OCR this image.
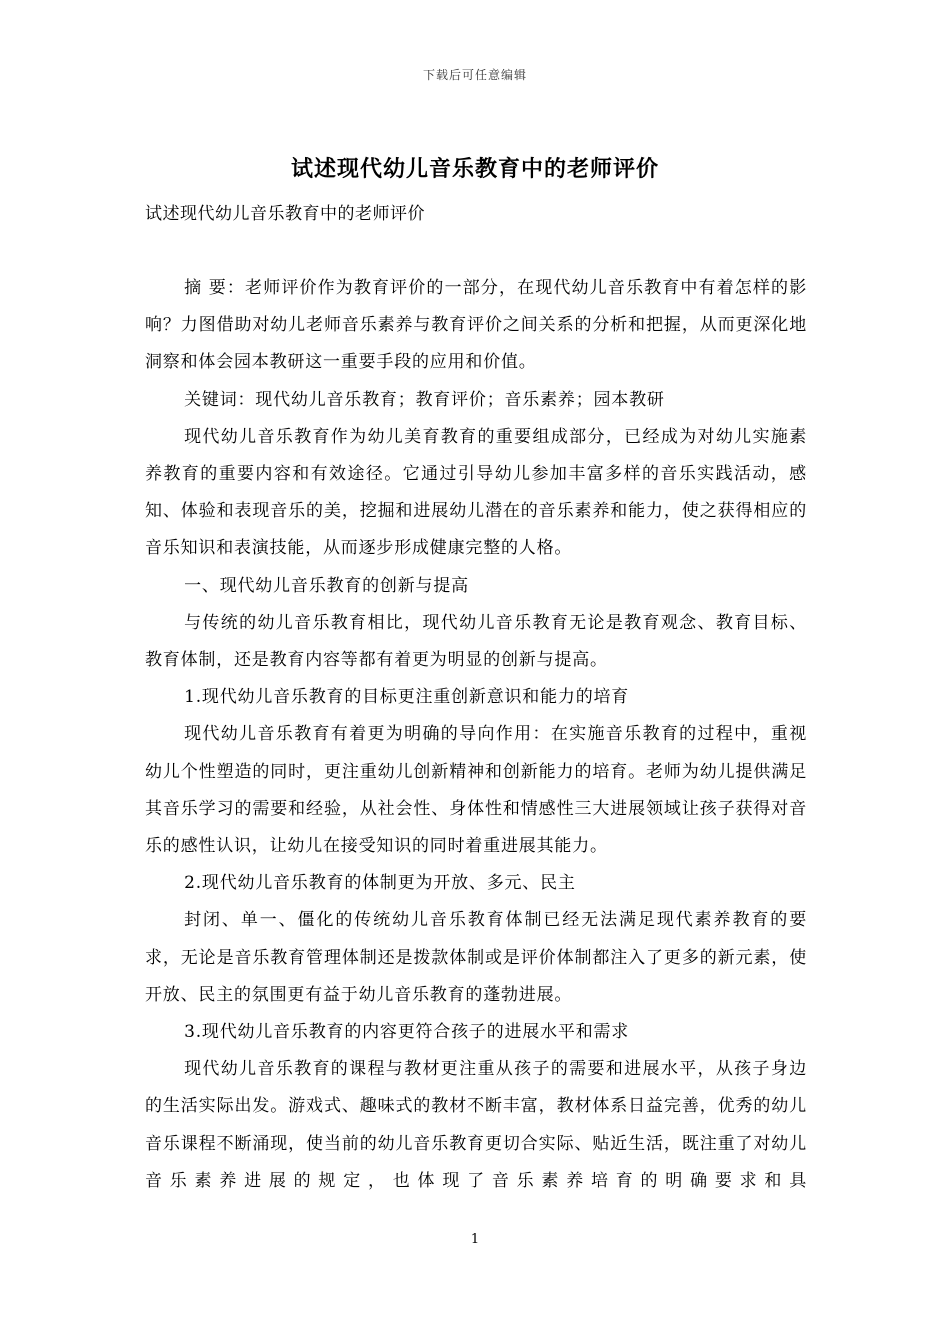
下载后可任意编辑
试述现代幼儿音乐教育中的老师评价
试述现代幼儿音乐教育中的老师评价

摘 要：老师评价作为教育评价的一部分，在现代幼儿音乐教育中有着怎样的影响？力图借助对幼儿老师音乐素养与教育评价之间关系的分析和把握，从而更深化地洞察和体会园本教研这一重要手段的应用和价值。

关键词：现代幼儿音乐教育；教育评价；音乐素养；园本教研

现代幼儿音乐教育作为幼儿美育教育的重要组成部分，已经成为对幼儿实施素养教育的重要内容和有效途径。它通过引导幼儿参加丰富多样的音乐实践活动，感知、体验和表现音乐的美，挖掘和进展幼儿潜在的音乐素养和能力，使之获得相应的音乐知识和表演技能，从而逐步形成健康完整的人格。

一、现代幼儿音乐教育的创新与提高

与传统的幼儿音乐教育相比，现代幼儿音乐教育无论是教育观念、教育目标、教育体制，还是教育内容等都有着更为明显的创新与提高。

1.现代幼儿音乐教育的目标更注重创新意识和能力的培育

现代幼儿音乐教育有着更为明确的导向作用：在实施音乐教育的过程中，重视幼儿个性塑造的同时，更注重幼儿创新精神和创新能力的培育。老师为幼儿提供满足其音乐学习的需要和经验，从社会性、身体性和情感性三大进展领域让孩子获得对音乐的感性认识，让幼儿在接受知识的同时着重进展其能力。

2.现代幼儿音乐教育的体制更为开放、多元、民主

封闭、单一、僵化的传统幼儿音乐教育体制已经无法满足现代素养教育的要求，无论是音乐教育管理体制还是拨款体制或是评价体制都注入了更多的新元素，使开放、民主的氛围更有益于幼儿音乐教育的蓬勃进展。

3.现代幼儿音乐教育的内容更符合孩子的进展水平和需求

现代幼儿音乐教育的课程与教材更注重从孩子的需要和进展水平，从孩子身边的生活实际出发。游戏式、趣味式的教材不断丰富，教材体系日益完善，优秀的幼儿音乐课程不断涌现，使当前的幼儿音乐教育更切合实际、贴近生活，既注重了对幼儿音乐素养进展的规定，也体现了音乐素养培育的明确要求和具

1
